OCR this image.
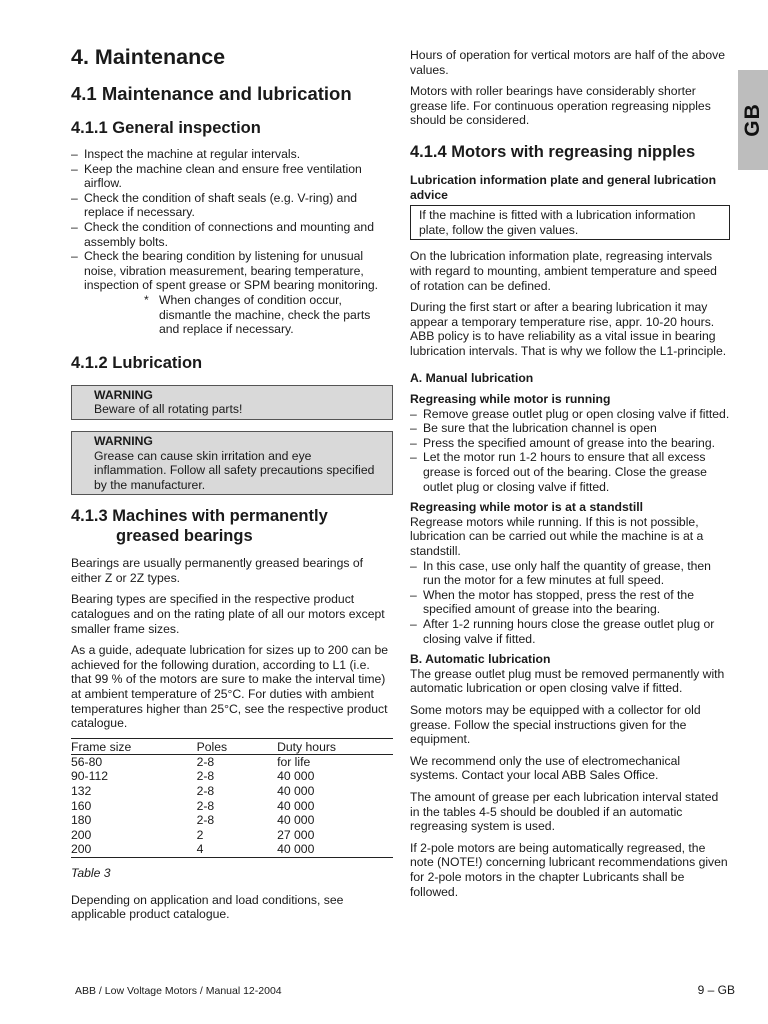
GB
4. Maintenance
4.1 Maintenance and lubrication
4.1.1 General inspection
– Inspect the machine at regular intervals.
– Keep the machine clean and ensure free ventilation airflow.
– Check the condition of shaft seals (e.g. V-ring) and replace if necessary.
– Check the condition of connections and mounting and assembly bolts.
– Check the bearing condition by listening for unusual noise, vibration measurement, bearing temperature, inspection of spent grease or SPM bearing monitoring.
* When changes of condition occur, dismantle the machine, check the parts and replace if necessary.
4.1.2 Lubrication
WARNING
Beware of all rotating parts!
WARNING
Grease can cause skin irritation and eye inflammation. Follow all safety precautions specified by the manufacturer.
4.1.3 Machines with permanently greased bearings

Bearings are usually permanently greased bearings of either Z or 2Z types.

Bearing types are specified in the respective product catalogues and on the rating plate of all our motors except smaller frame sizes.

As a guide, adequate lubrication for sizes up to 200 can be achieved for the following duration, according to L1 (i.e. that 99 % of the motors are sure to make the interval time) at ambient temperature of 25°C. For duties with ambient temperatures higher than 25°C, see the respective product catalogue.

Frame size	Poles	Duty hours
56-80	2-8	for life
90-112	2-8	40 000
132	2-8	40 000
160	2-8	40 000
180	2-8	40 000
200	2	27 000
200	4	40 000
Table 3

Depending on application and load conditions, see applicable product catalogue.

Hours of operation for vertical motors are half of the above values.

Motors with roller bearings have considerably shorter grease life. For continuous operation regreasing nipples should be considered.

4.1.4 Motors with regreasing nipples

Lubrication information plate and general lubrication advice

If the machine is fitted with a lubrication information plate, follow the given values.

On the lubrication information plate, regreasing intervals with regard to mounting, ambient temperature and speed of rotation can be defined.

During the first start or after a bearing lubrication it may appear a temporary temperature rise, appr. 10-20 hours. ABB policy is to have reliability as a vital issue in bearing lubrication intervals. That is why we follow the L1-principle.

A. Manual lubrication

Regreasing while motor is running

– Remove grease outlet plug or open closing valve if fitted.
– Be sure that the lubrication channel is open
– Press the specified amount of grease into the bearing.
– Let the motor run 1-2 hours to ensure that all excess grease is forced out of the bearing. Close the grease outlet plug or closing valve if fitted.

Regreasing while motor is at a standstill

Regrease motors while running. If this is not possible, lubrication can be carried out while the machine is at a standstill.

– In this case, use only half the quantity of grease, then run the motor for a few minutes at full speed.
– When the motor has stopped, press the rest of the specified amount of grease into the bearing.
– After 1-2 running hours close the grease outlet plug or closing valve if fitted.

B. Automatic lubrication

The grease outlet plug must be removed permanently with automatic lubrication or open closing valve if fitted.

Some motors may be equipped with a collector for old grease. Follow the special instructions given for the equipment.

We recommend only the use of electromechanical systems. Contact your local ABB Sales Office.

The amount of grease per each lubrication interval stated in the tables 4-5 should be doubled if an automatic regreasing system is used.

If 2-pole motors are being automatically regreased, the note (NOTE!) concerning lubricant recommendations given for 2-pole motors in the chapter Lubricants shall be followed.

ABB / Low Voltage Motors / Manual 12-2004	9 – GB
